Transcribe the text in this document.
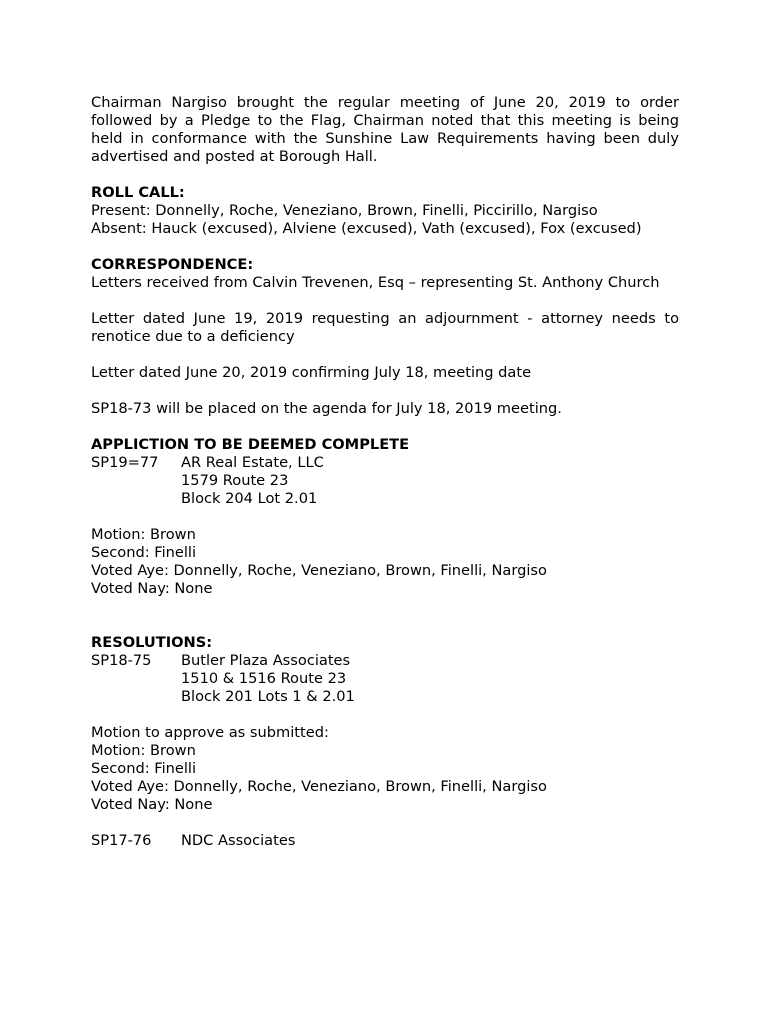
Chairman Nargiso brought the regular meeting of June 20, 2019 to order followed by a Pledge to the Flag, Chairman noted that this meeting is being held in conformance with the Sunshine Law Requirements having been duly advertised and posted at Borough Hall.

ROLL CALL:
Present: Donnelly, Roche, Veneziano, Brown, Finelli, Piccirillo, Nargiso
Absent: Hauck (excused), Alviene (excused), Vath (excused), Fox (excused)
CORRESPONDENCE:

Letters received from Calvin Trevenen, Esq – representing St. Anthony Church

Letter dated June 19, 2019 requesting an adjournment - attorney needs to renotice due to a deficiency

Letter dated June 20, 2019 confirming July 18, meeting date

SP18-73 will be placed on the agenda for July 18, 2019 meeting.

APPLICTION TO BE DEEMED COMPLETE
SP19=77	AR Real Estate, LLC
1579 Route 23
Block 204 Lot 2.01
Motion: Brown
Second: Finelli
Voted Aye: Donnelly, Roche, Veneziano, Brown, Finelli, Nargiso
Voted Nay: None
RESOLUTIONS:
SP18-75	Butler Plaza Associates
1510 & 1516 Route 23
Block 201 Lots 1 & 2.01
Motion to approve as submitted:
Motion: Brown
Second: Finelli
Voted Aye: Donnelly, Roche, Veneziano, Brown, Finelli, Nargiso
Voted Nay: None
SP17-76	NDC Associates
